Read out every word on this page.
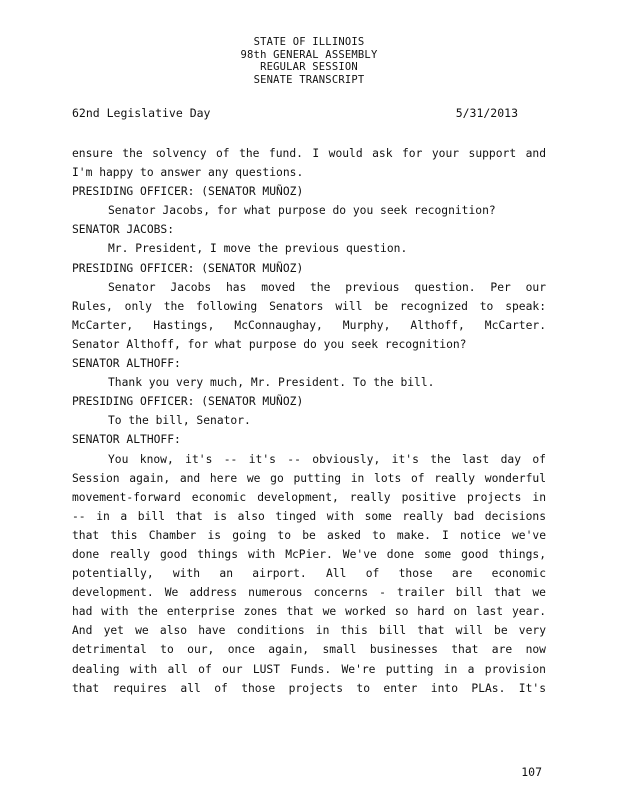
STATE OF ILLINOIS
98th GENERAL ASSEMBLY
REGULAR SESSION
SENATE TRANSCRIPT
62nd Legislative Day	5/31/2013
ensure the solvency of the fund. I would ask for your support and
I'm happy to answer any questions.
PRESIDING OFFICER: (SENATOR MUÑOZ)
Senator Jacobs, for what purpose do you seek recognition?
SENATOR JACOBS:
Mr. President, I move the previous question.
PRESIDING OFFICER: (SENATOR MUÑOZ)
Senator Jacobs has moved the previous question. Per our
Rules, only the following Senators will be recognized to speak:
McCarter, Hastings, McConnaughay, Murphy, Althoff, McCarter.
Senator Althoff, for what purpose do you seek recognition?
SENATOR ALTHOFF:
Thank you very much, Mr. President. To the bill.
PRESIDING OFFICER: (SENATOR MUÑOZ)
To the bill, Senator.
SENATOR ALTHOFF:
You know, it's -- it's -- obviously, it's the last day of
Session again, and here we go putting in lots of really wonderful
movement-forward economic development, really positive projects in
-- in a bill that is also tinged with some really bad decisions
that this Chamber is going to be asked to make. I notice we've
done really good things with McPier. We've done some good things,
potentially, with an airport. All of those are economic
development. We address numerous concerns - trailer bill that we
had with the enterprise zones that we worked so hard on last year.
And yet we also have conditions in this bill that will be very
detrimental to our, once again, small businesses that are now
dealing with all of our LUST Funds. We're putting in a provision
that requires all of those projects to enter into PLAs. It's
107
